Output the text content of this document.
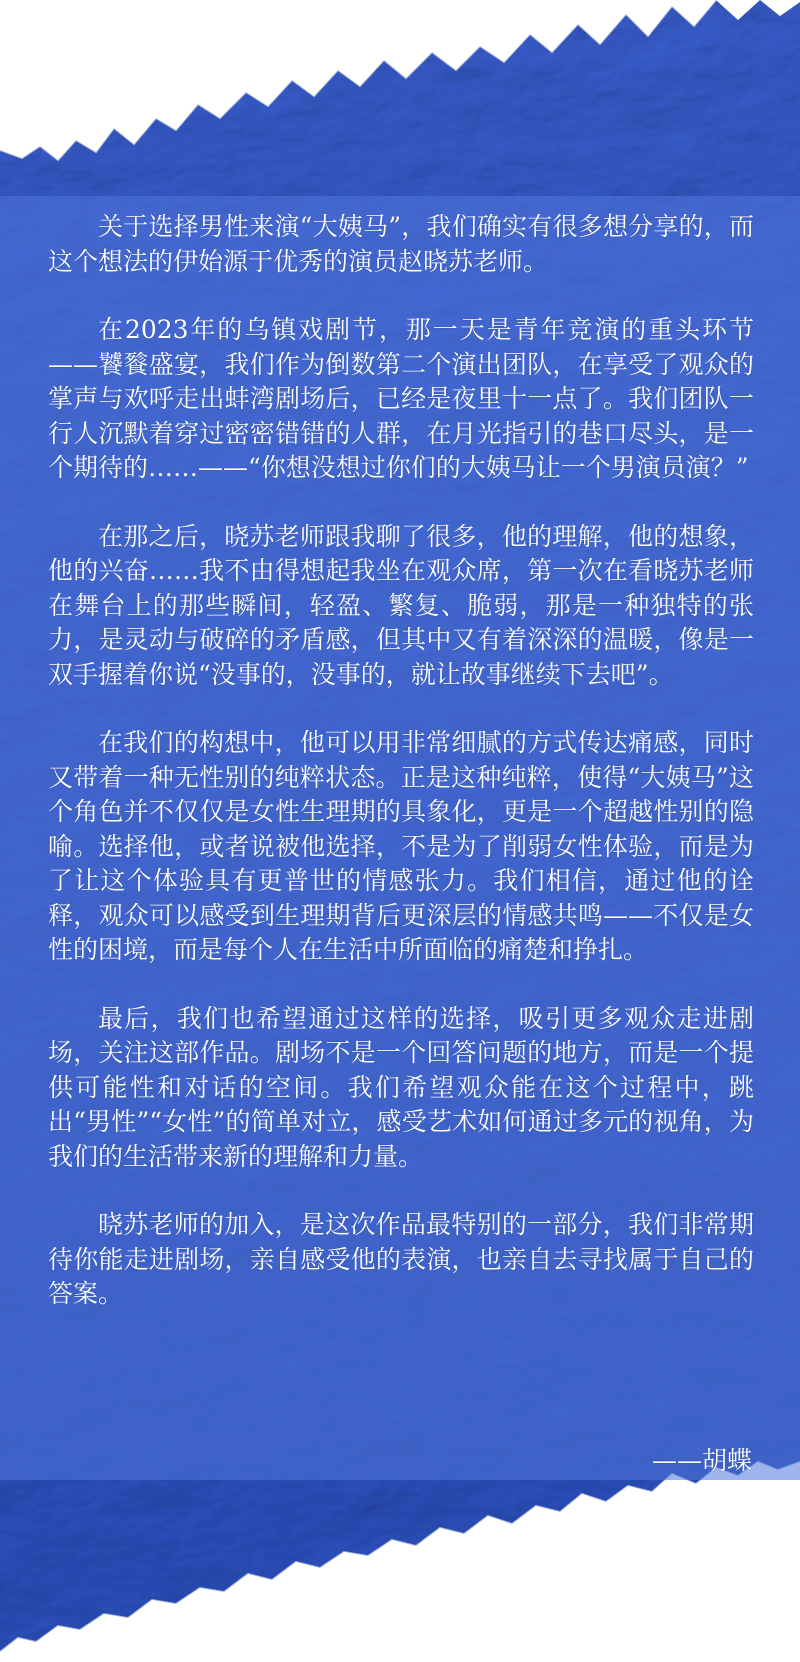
关于选择男性来演“大姨马”，我们确实有很多想分享的，而这个想法的伊始源于优秀的演员赵晓苏老师。

在2023年的乌镇戏剧节，那一天是青年竞演的重头环节——饕餮盛宴，我们作为倒数第二个演出团队，在享受了观众的掌声与欢呼走出蚌湾剧场后，已经是夜里十一点了。我们团队一行人沉默着穿过密密错错的人群，在月光指引的巷口尽头，是一个期待的……——“你想没想过你们的大姨马让一个男演员演？”

在那之后，晓苏老师跟我聊了很多，他的理解，他的想象，他的兴奋……我不由得想起我坐在观众席，第一次在看晓苏老师在舞台上的那些瞬间，轻盈、繁复、脆弱，那是一种独特的张力，是灵动与破碎的矛盾感，但其中又有着深深的温暖，像是一双手握着你说“没事的，没事的，就让故事继续下去吧”。

在我们的构想中，他可以用非常细腻的方式传达痛感，同时又带着一种无性别的纯粹状态。正是这种纯粹，使得“大姨马”这个角色并不仅仅是女性生理期的具象化，更是一个超越性别的隐喻。选择他，或者说被他选择，不是为了削弱女性体验，而是为了让这个体验具有更普世的情感张力。我们相信，通过他的诠释，观众可以感受到生理期背后更深层的情感共鸣——不仅是女性的困境，而是每个人在生活中所面临的痛楚和挣扎。

最后，我们也希望通过这样的选择，吸引更多观众走进剧场，关注这部作品。剧场不是一个回答问题的地方，而是一个提供可能性和对话的空间。我们希望观众能在这个过程中，跳出“男性”“女性”的简单对立，感受艺术如何通过多元的视角，为我们的生活带来新的理解和力量。

晓苏老师的加入，是这次作品最特别的一部分，我们非常期待你能走进剧场，亲自感受他的表演，也亲自去寻找属于自己的答案。

——胡蝶
